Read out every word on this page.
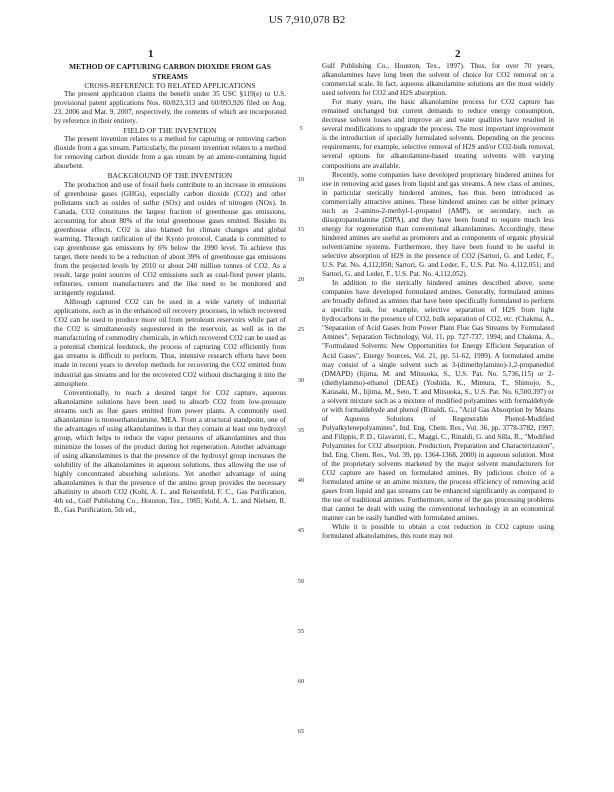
US 7,910,078 B2
1	2

METHOD OF CAPTURING CARBON DIOXIDE FROM GAS STREAMS

CROSS-REFERENCE TO RELATED APPLICATIONS

The present application claims the benefit under 35 USC §119(e) to U.S. provisional patent applications Nos. 60/823,313 and 60/893,926 filed on Aug. 23, 2006 and Mar. 9, 2007, respectively, the contents of which are incorporated by reference in their entirety.

FIELD OF THE INVENTION

The present invention relates to a method for capturing or removing carbon dioxide from a gas stream. Particularly, the present invention relates to a method for removing carbon dioxide from a gas stream by an amine-containing liquid absorbent.

BACKGROUND OF THE INVENTION

The production and use of fossil fuels contribute to an increase in emissions of greenhouse gases (GHGs), especially carbon dioxide (CO2) and other pollutants such as oxides of sulfur (SOx) and oxides of nitrogen (NOx). In Canada, CO2 constitutes the largest fraction of greenhouse gas emissions, accounting for about 80% of the total greenhouse gases emitted. Besides its greenhouse effects, CO2 is also blamed for climate changes and global warming. Through ratification of the Kyoto protocol, Canada is committed to cap greenhouse gas emissions by 6% below the 1990 level. To achieve this target, there needs to be a reduction of about 39% of greenhouse gas emissions from the projected levels by 2010 or about 240 million tonnes of CO2. As a result, large point sources of CO2 emissions such as coal-fired power plants, refineries, cement manufacturers and the like need to be monitored and stringently regulated.

Although captured CO2 can be used in a wide variety of industrial applications, such as in the enhanced oil recovery processes, in which recovered CO2 can be used to produce more oil from petroleum reservoirs while part of the CO2 is simultaneously sequestered in the reservoir, as well as in the manufacturing of commodity chemicals, in which recovered CO2 can be used as a potential chemical feedstock, the process of capturing CO2 efficiently from gas streams is difficult to perform. Thus, intensive research efforts have been made in recent years to develop methods for recovering the CO2 emitted from industrial gas streams and for the recovered CO2 without discharging it into the atmosphere.

Conventionally, to reach a desired target for CO2 capture, aqueous alkanolamine solutions have been used to absorb CO2 from low-pressure streams such as flue gases emitted from power plants. A commonly used alkanolamine is monoethanolamine, MEA. From a structural standpoint, one of the advantages of using alkanolamines is that they contain at least one hydroxyl group, which helps to reduce the vapor pressures of alkanolamines and thus minimize the losses of the product during hot regeneration. Another advantage of using alkanolamines is that the presence of the hydroxyl group increases the solubility of the alkanolamines in aqueous solutions, thus allowing the use of highly concentrated absorbing solutions. Yet another advantage of using alkanolamines is that the presence of the amino group provides the necessary alkalinity to absorb CO2 (Kohl, A. L. and Reisenfeld, F. C., Gas Purification, 4th ed., Gulf Publishing Co., Houston, Tex., 1985; Kohl, A. L. and Nielsen, R. B., Gas Purification, 5th ed.,

Gulf Publishing Co., Houston, Tex., 1997). Thus, for over 70 years, alkanolamines have long been the solvent of choice for CO2 removal on a commercial scale. In fact, aqueous alkanolamine solutions are the most widely used solvents for CO2 and H2S absorption.

For many years, the basic alkanolamine process for CO2 capture has remained unchanged but current demands to reduce energy consumption, decrease solvent losses and improve air and water qualities have resulted in several modifications to upgrade the process. The most important improvement is the introduction of specially formulated solvents. Depending on the process requirements, for example, selective removal of H2S and/or CO2-bulk removal, several options for alkanolamine-based treating solvents with varying compositions are available.

Recently, some companies have developed proprietary hindered amines for use in removing acid gases from liquid and gas streams. A new class of amines, in particular sterically hindered amines, has thus been introduced as commercially attractive amines. These hindered amines can be either primary such as 2-amino-2-methyl-1-propanol (AMP), or secondary, such as diisopropanolamine (DIPA), and they have been found to require much less energy for regeneration than conventional alkanolamines. Accordingly, these hindered amines are useful as promoters and as components of organic physical solvent/amine systems. Furthermore, they have been found to be useful in selective absorption of H2S in the presence of CO2 (Sartori, G. and Leder, F., U.S. Pat. No. 4,112,050; Sartori, G. and Leder, F., U.S. Pat. No. 4,112,051; and Sartori, G. and Leder, F., U.S. Pat. No. 4,112,052).

In addition to the sterically hindered amines described above, some companies have developed formulated amines. Generally, formulated amines are broadly defined as amines that have been specifically formulated to perform a specific task, for example, selective separation of H2S from light hydrocarbons in the presence of CO2, bulk separation of CO2, etc. (Chakma, A., "Separation of Acid Gases from Power Plant Flue Gas Streams by Formulated Amines", Separation Technology, Vol. 11, pp. 727-737, 1994; and Chakma, A., "Formulated Solvents: New Opportunities for Energy Efficient Separation of Acid Gases", Energy Sources, Vol. 21, pp. 51-62, 1999). A formulated amine may consist of a single solvent such as 3-(dimethylamino)-1,2-propanediol (DMAPD) (Iijima, M. and Mitsuoka, S., U.S. Pat. No. 5,736,115) or 2-(diethylamino)-ethanol (DEAE) (Yoshida, K., Mimura, T., Shimojo, S., Karasaki, M., Iijima, M., Seto, T. and Mitsuoka, S., U.S. Pat. No. 6,500,397) or a solvent mixture such as a mixture of modified polyamines with formaldehyde or with formaldehyde and phenol (Rinaldi, G., "Acid Gas Absorption by Means of Aqueous Solutions of Regenerable Phenol-Modified Polyalkylenepolyamines", Ind. Eng. Chem. Res., Vol. 36, pp. 3778-3782, 1997; and Filippis, P. D., Giavarini, C., Maggi, C., Rinaldi, G. and Silla, R., "Modified Polyamines for CO2 absorption. Production, Preparation and Characterization", Ind. Eng. Chem. Res., Vol. 39, pp. 1364-1368, 2000) in aqueous solution. Most of the proprietary solvents marketed by the major solvent manufacturers for CO2 capture are based on formulated amines. By judicious choice of a formulated amine or an amine mixture, the process efficiency of removing acid gases from liquid and gas streams can be enhanced significantly as compared to the use of traditional amines. Furthermore, some of the gas processing problems that cannot be dealt with using the conventional technology in an economical manner can be easily handled with formulated amines.

While it is possible to obtain a cost reduction in CO2 capture using formulated alkanolamines, this route may not

5
10
15
20
25
30
35
40
45
50
55
60
65
